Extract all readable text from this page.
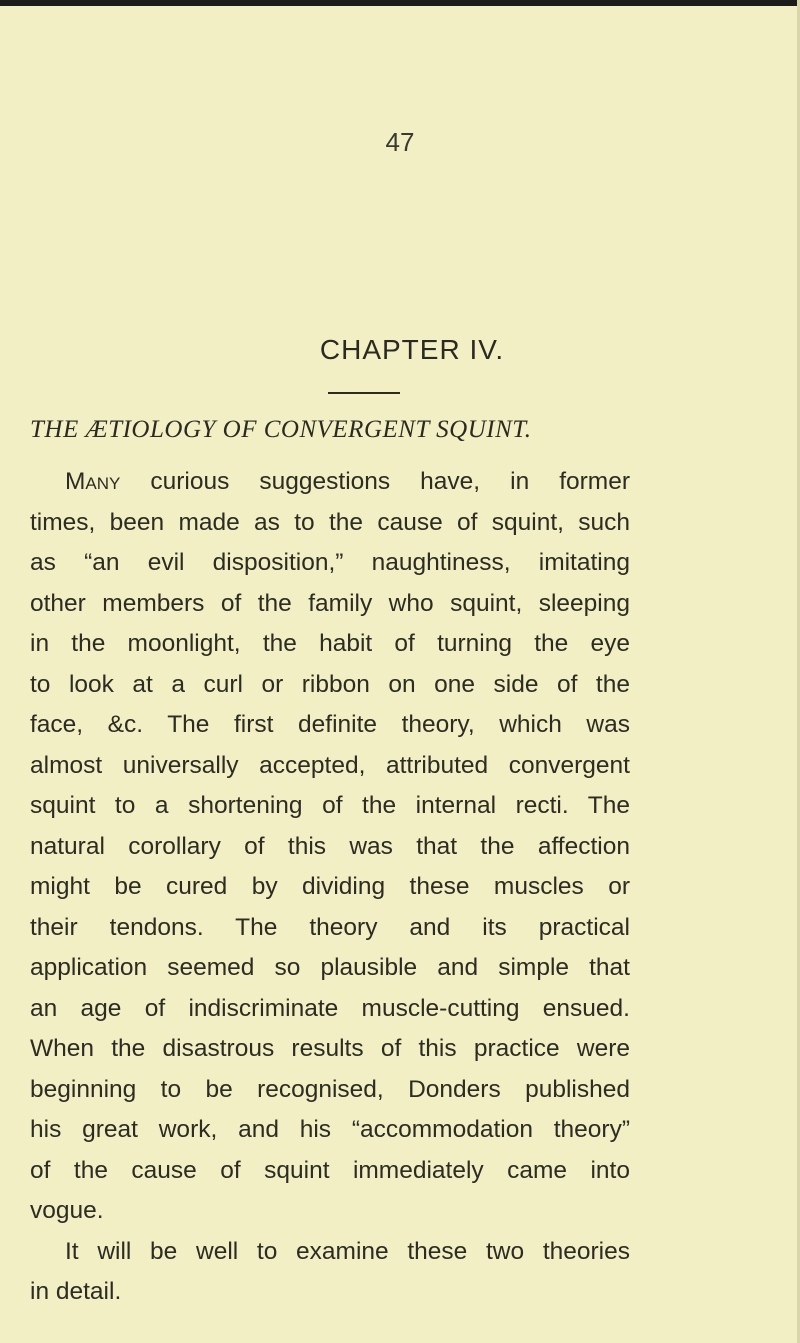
47
CHAPTER IV.
THE ÆTIOLOGY OF CONVERGENT SQUINT.
Many curious suggestions have, in former
times, been made as to the cause of squint, such
as “an evil disposition,” naughtiness, imitating
other members of the family who squint, sleeping
in the moonlight, the habit of turning the eye
to look at a curl or ribbon on one side of the
face, &c. The first definite theory, which was
almost universally accepted, attributed convergent
squint to a shortening of the internal recti. The
natural corollary of this was that the affection
might be cured by dividing these muscles or
their tendons. The theory and its practical
application seemed so plausible and simple that
an age of indiscriminate muscle-cutting ensued.
When the disastrous results of this practice were
beginning to be recognised, Donders published
his great work, and his “accommodation theory”
of the cause of squint immediately came into
vogue.
It will be well to examine these two theories
in detail.
